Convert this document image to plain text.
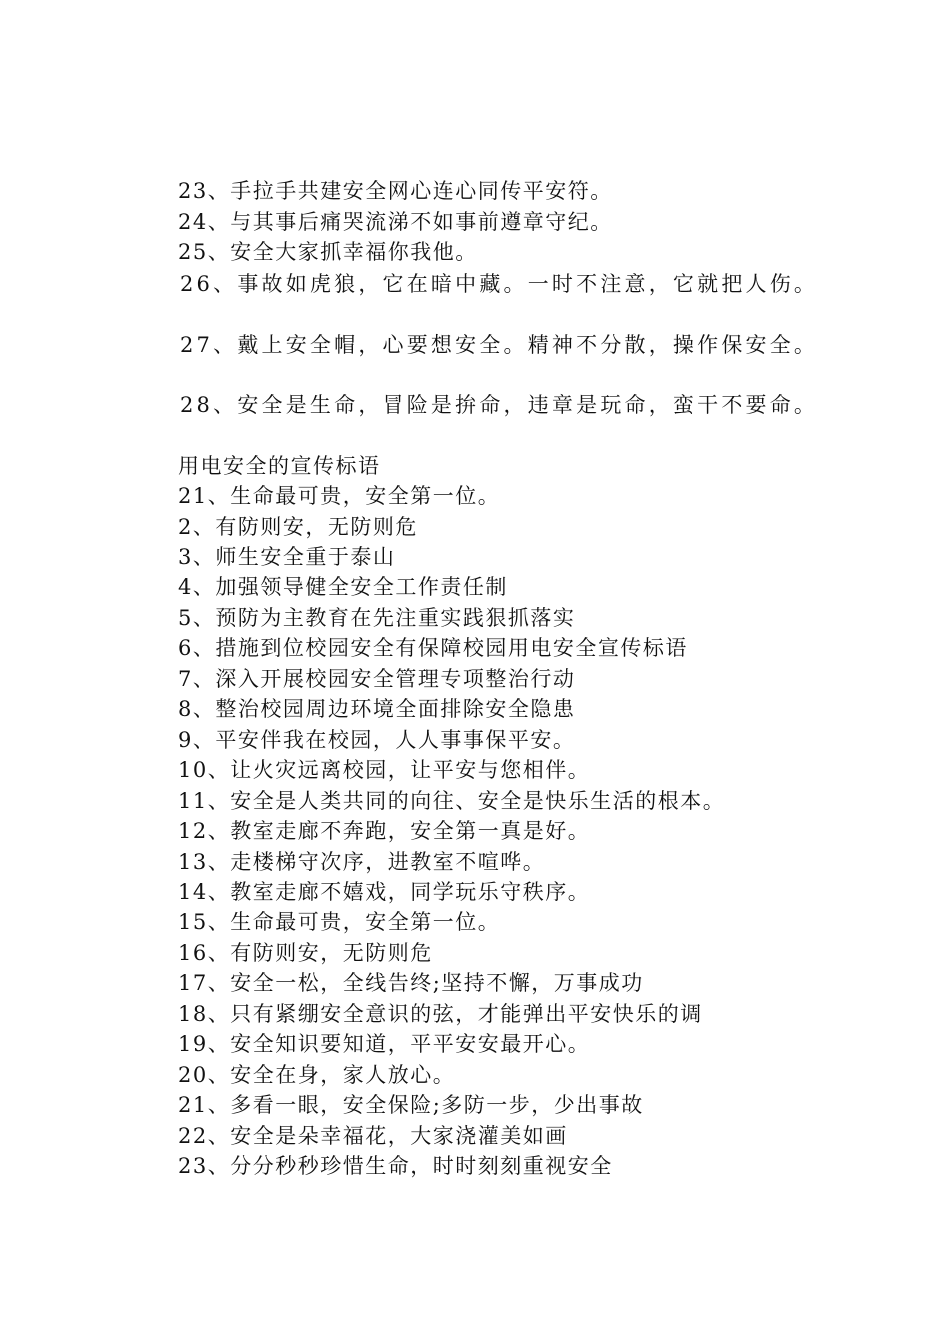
23、手拉手共建安全网心连心同传平安符。

24、与其事后痛哭流涕不如事前遵章守纪。

25、安全大家抓幸福你我他。

26、事故如虎狼，它在暗中藏。一时不注意，它就把人伤。

27、戴上安全帽，心要想安全。精神不分散，操作保安全。

28、安全是生命，冒险是拚命，违章是玩命，蛮干不要命。

用电安全的宣传标语

21、生命最可贵，安全第一位。

2、有防则安，无防则危

3、师生安全重于泰山

4、加强领导健全安全工作责任制

5、预防为主教育在先注重实践狠抓落实

6、措施到位校园安全有保障校园用电安全宣传标语

7、深入开展校园安全管理专项整治行动

8、整治校园周边环境全面排除安全隐患

9、平安伴我在校园，人人事事保平安。

10、让火灾远离校园，让平安与您相伴。

11、安全是人类共同的向往、安全是快乐生活的根本。

12、教室走廊不奔跑，安全第一真是好。

13、走楼梯守次序，进教室不喧哗。

14、教室走廊不嬉戏，同学玩乐守秩序。

15、生命最可贵，安全第一位。

16、有防则安，无防则危

17、安全一松，全线告终;坚持不懈，万事成功

18、只有紧绷安全意识的弦，才能弹出平安快乐的调

19、安全知识要知道，平平安安最开心。

20、安全在身，家人放心。

21、多看一眼，安全保险;多防一步，少出事故

22、安全是朵幸福花，大家浇灌美如画

23、分分秒秒珍惜生命，时时刻刻重视安全
